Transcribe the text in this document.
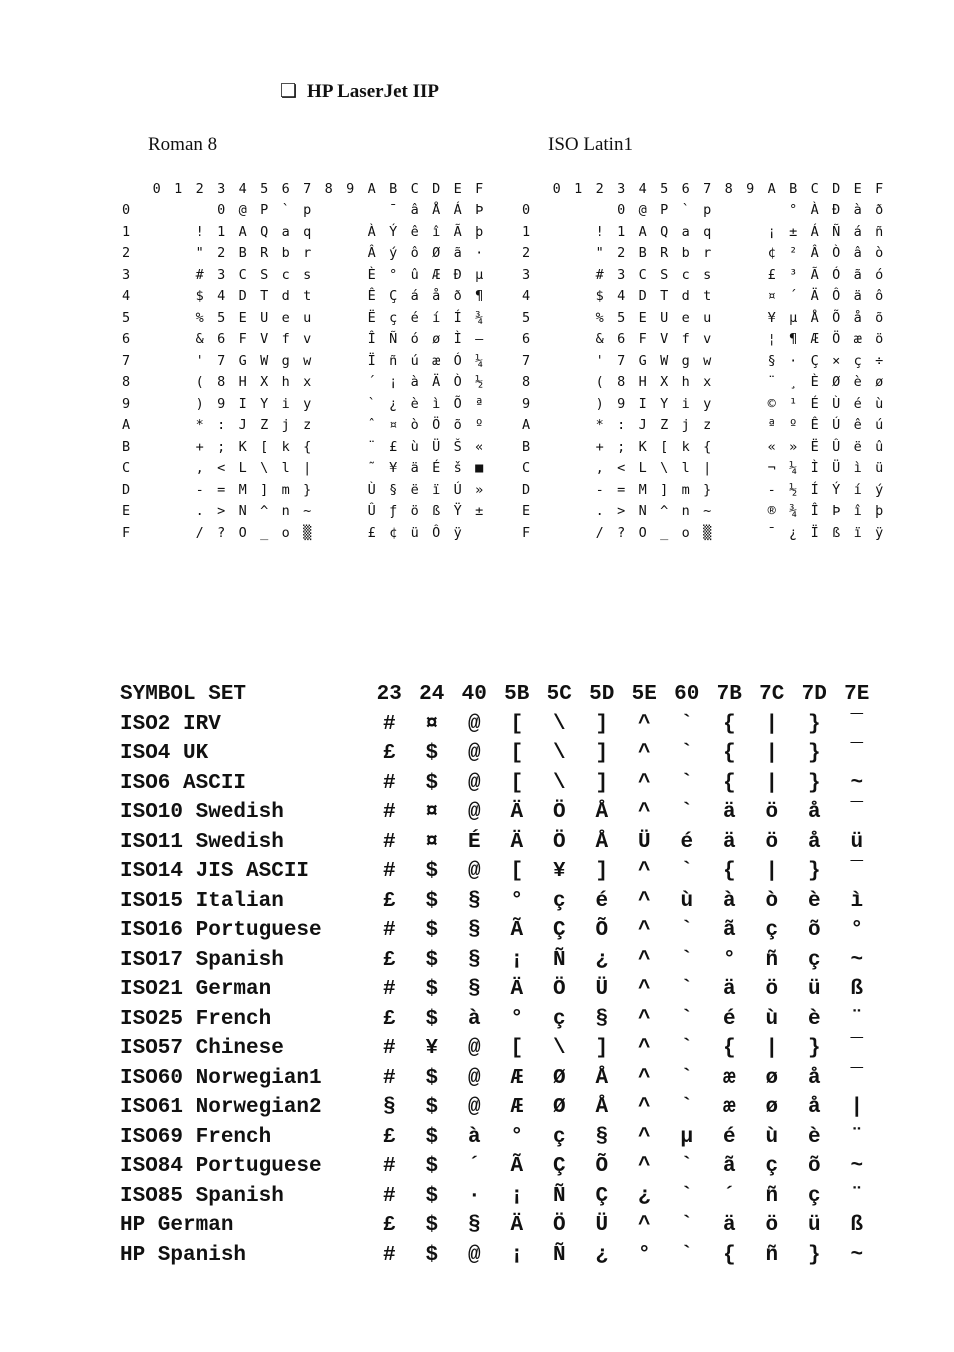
❏ HP LaserJet IIP
Roman 8	ISO Latin1
	0	1	2	3	4	5	6	7	8	9	A	B	C	D	E	F
0				0	@	P	`	p				¯	â	Å	Á	Þ
1			!	1	A	Q	a	q			À	Ý	ê	î	Ã	þ
2			"	2	B	R	b	r			Â	ý	ô	Ø	ã	·
3			#	3	C	S	c	s			È	°	û	Æ	Ð	µ
4			$	4	D	T	d	t			Ê	Ç	á	å	ð	¶
5			%	5	E	U	e	u			Ë	ç	é	í	Í	¾
6			&	6	F	V	f	v			Î	Ñ	ó	ø	Ì	—
7			'	7	G	W	g	w			Ï	ñ	ú	æ	Ó	¼
8			(	8	H	X	h	x			´	¡	à	Ä	Ò	½
9			)	9	I	Y	i	y			`	¿	è	ì	Õ	ª
A			*	:	J	Z	j	z			ˆ	¤	ò	Ö	õ	º
B			+	;	K	[	k	{			¨	£	ù	Ü	Š	«
C			,	<	L	\	l	|			˜	¥	ä	É	š	■
D			-	=	M	]	m	}			Ù	§	ë	ï	Ú	»
E			.	>	N	^	n	~			Û	ƒ	ö	ß	Ÿ	±
F			/	?	O	_	o	▒			£	¢	ü	Ô	ÿ	
	0	1	2	3	4	5	6	7	8	9	A	B	C	D	E	F
0				0	@	P	`	p				°	À	Ð	à	ð
1			!	1	A	Q	a	q			¡	±	Á	Ñ	á	ñ
2			"	2	B	R	b	r			¢	²	Â	Ò	â	ò
3			#	3	C	S	c	s			£	³	Ã	Ó	ã	ó
4			$	4	D	T	d	t			¤	´	Ä	Ô	ä	ô
5			%	5	E	U	e	u			¥	µ	Å	Õ	å	õ
6			&	6	F	V	f	v			¦	¶	Æ	Ö	æ	ö
7			'	7	G	W	g	w			§	·	Ç	×	ç	÷
8			(	8	H	X	h	x			¨	¸	È	Ø	è	ø
9			)	9	I	Y	i	y			©	¹	É	Ù	é	ù
A			*	:	J	Z	j	z			ª	º	Ê	Ú	ê	ú
B			+	;	K	[	k	{			«	»	Ë	Û	ë	û
C			,	<	L	\	l	|			¬	¼	Ì	Ü	ì	ü
D			-	=	M	]	m	}			-	½	Í	Ý	í	ý
E			.	>	N	^	n	~			®	¾	Î	Þ	î	þ
F			/	?	O	_	o	▒			¯	¿	Ï	ß	ï	ÿ
SYMBOL SET	23	24	40	5B	5C	5D	5E	60	7B	7C	7D	7E
ISO2 IRV	#	¤	@	[	\	]	^	`	{	|	}	‾
ISO4 UK	£	$	@	[	\	]	^	`	{	|	}	‾
ISO6 ASCII	#	$	@	[	\	]	^	`	{	|	}	~
ISO10 Swedish	#	¤	@	Ä	Ö	Å	^	`	ä	ö	å	‾
ISO11 Swedish	#	¤	É	Ä	Ö	Å	Ü	é	ä	ö	å	ü
ISO14 JIS ASCII	#	$	@	[	¥	]	^	`	{	|	}	‾
ISO15 Italian	£	$	§	°	ç	é	^	ù	à	ò	è	ì
ISO16 Portuguese	#	$	§	Ã	Ç	Õ	^	`	ã	ç	õ	°
ISO17 Spanish	£	$	§	¡	Ñ	¿	^	`	°	ñ	ç	~
ISO21 German	#	$	§	Ä	Ö	Ü	^	`	ä	ö	ü	ß
ISO25 French	£	$	à	°	ç	§	^	`	é	ù	è	¨
ISO57 Chinese	#	¥	@	[	\	]	^	`	{	|	}	‾
ISO60 Norwegian1	#	$	@	Æ	Ø	Å	^	`	æ	ø	å	‾
ISO61 Norwegian2	§	$	@	Æ	Ø	Å	^	`	æ	ø	å	|
ISO69 French	£	$	à	°	ç	§	^	µ	é	ù	è	¨
ISO84 Portuguese	#	$	´	Ã	Ç	Õ	^	`	ã	ç	õ	~
ISO85 Spanish	#	$	·	¡	Ñ	Ç	¿	`	´	ñ	ç	¨
HP German	£	$	§	Ä	Ö	Ü	^	`	ä	ö	ü	ß
HP Spanish	#	$	@	¡	Ñ	¿	°	`	{	ñ	}	~
